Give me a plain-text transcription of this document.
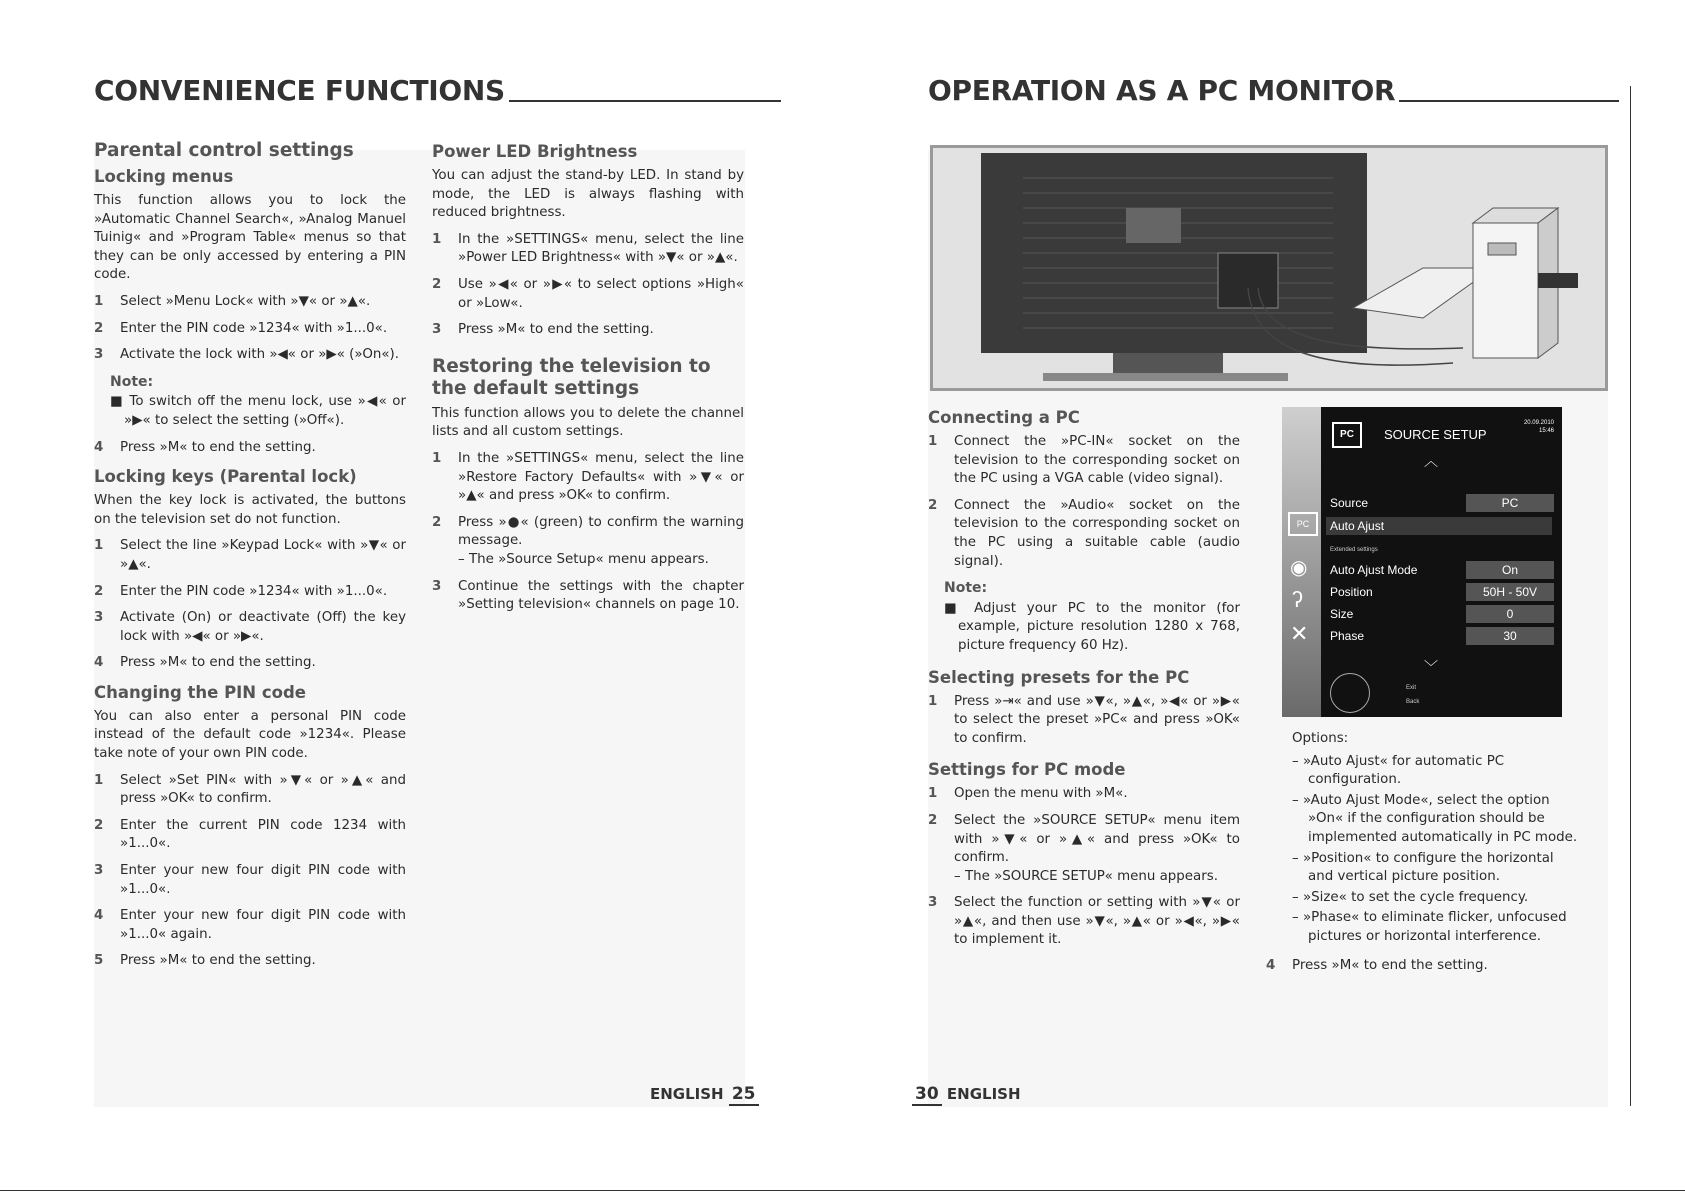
CONVENIENCE FUNCTIONS
Parental control settings
Locking menus

This function allows you to lock the »Automatic Channel Search«, »Analog Manuel Tuinig« and »Program Table« menus so that they can be only accessed by entering a PIN code.

1	Select »Menu Lock« with »▼« or »▲«.
2	Enter the PIN code »1234« with »1...0«.
3	Activate the lock with »◀« or »▶« (»On«).
Note:
■ To switch off the menu lock, use »◀« or »▶« to select the setting (»Off«).
4	Press »M« to end the setting.
Locking keys (Parental lock)

When the key lock is activated, the buttons on the television set do not function.

1	Select the line »Keypad Lock« with »▼« or »▲«.
2	Enter the PIN code »1234« with »1...0«.
3	Activate (On) or deactivate (Off) the key lock with »◀« or »▶«.
4	Press »M« to end the setting.
Changing the PIN code

You can also enter a personal PIN code instead of the default code »1234«. Please take note of your own PIN code.

1	Select »Set PIN« with »▼« or »▲« and press »OK« to confirm.
2	Enter the current PIN code 1234 with »1...0«.
3	Enter your new four digit PIN code with »1...0«.
4	Enter your new four digit PIN code with »1...0« again.
5	Press »M« to end the setting.
Power LED Brightness

You can adjust the stand-by LED. In stand by mode, the LED is always flashing with reduced brightness.

1	In the »SETTINGS« menu, select the line »Power LED Brightness« with »▼« or »▲«.
2	Use »◀« or »▶« to select options »High« or »Low«.
3	Press »M« to end the setting.
Restoring the television to the default settings

This function allows you to delete the channel lists and all custom settings.

1	In the »SETTINGS« menu, select the line »Restore Factory Defaults« with »▼« or »▲« and press »OK« to confirm.
2	Press »●« (green) to confirm the warning message.
– The »Source Setup« menu appears.
3	Continue the settings with the chapter »Setting television« channels on page 10.
ENGLISH 25
OPERATION AS A PC MONITOR
Connecting a PC
1	Connect the »PC-IN« socket on the television to the corresponding socket on the PC using a VGA cable (video signal).
2	Connect the »Audio« socket on the television to the corresponding socket on the PC using a suitable cable (audio signal).
Note:
■ Adjust your PC to the monitor (for example, picture resolution 1280 x 768, picture frequency 60 Hz).
Selecting presets for the PC
1	Press »⇥« and use »▼«, »▲«, »◀« or »▶« to select the preset »PC« and press »OK« to confirm.
Settings for PC mode
1	Open the menu with »M«.
2	Select the »SOURCE SETUP« menu item with »▼« or »▲« and press »OK« to confirm.
– The »SOURCE SETUP« menu appears.
3	Select the function or setting with »▼« or »▲«, and then use »▼«, »▲« or »◀«, »▶« to implement it.
PC
◉
ʔ
✕
PC	SOURCE SETUP
20.09.2010
15:46
︿
Source	PC
Auto Ajust
Extended settings
Auto Ajust Mode	On
Position	50H - 50V
Size	0
Phase	30
﹀
Exit
Back
Options:
– »Auto Ajust« for automatic PC configuration.
– »Auto Ajust Mode«, select the option »On« if the configuration should be implemented automatically in PC mode.
– »Position« to configure the horizontal and vertical picture position.
– »Size« to set the cycle frequency.
– »Phase« to eliminate flicker, unfocused pictures or horizontal interference.
4	Press »M« to end the setting.
30 ENGLISH
